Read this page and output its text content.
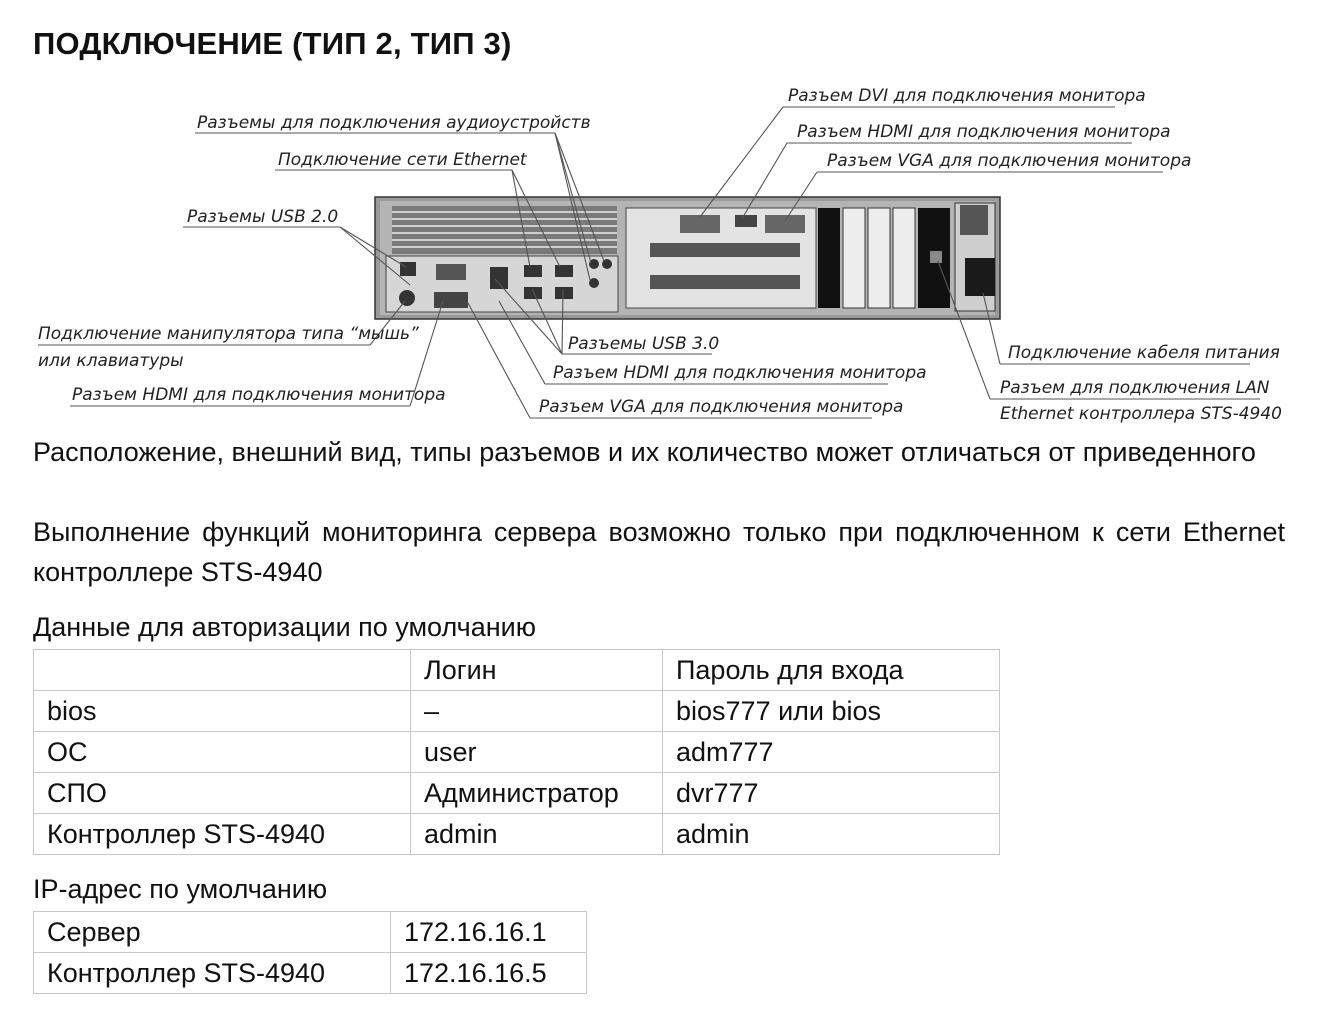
ПОДКЛЮЧЕНИЕ (ТИП 2, ТИП 3)
Разъемы для подключения аудиоустройств
Подключение сети Ethernet
Разъемы USB 2.0
Подключение манипулятора типа “мышь”
или клавиатуры
Разъем HDMI для подключения монитора
Разъем DVI для подключения монитора
Разъем HDMI для подключения монитора
Разъем VGA для подключения монитора
Разъемы USB 3.0
Разъем HDMI для подключения монитора
Разъем VGA для подключения монитора
Подключение кабеля питания
Разъем для подключения LAN
Ethernet контроллера STS-4940

Расположение, внешний вид, типы разъемов и их количество может отличаться от приведенного

Выполнение функций мониторинга сервера возможно только при подключенном к сети Ethernet контроллере STS-4940

Данные для авторизации по умолчанию

	Логин	Пароль для входа
bios	–	bios777 или bios
ОС	user	adm777
СПО	Администратор	dvr777
Контроллер STS-4940	admin	admin

IP-адрес по умолчанию

Сервер	172.16.16.1
Контроллер STS-4940	172.16.16.5
